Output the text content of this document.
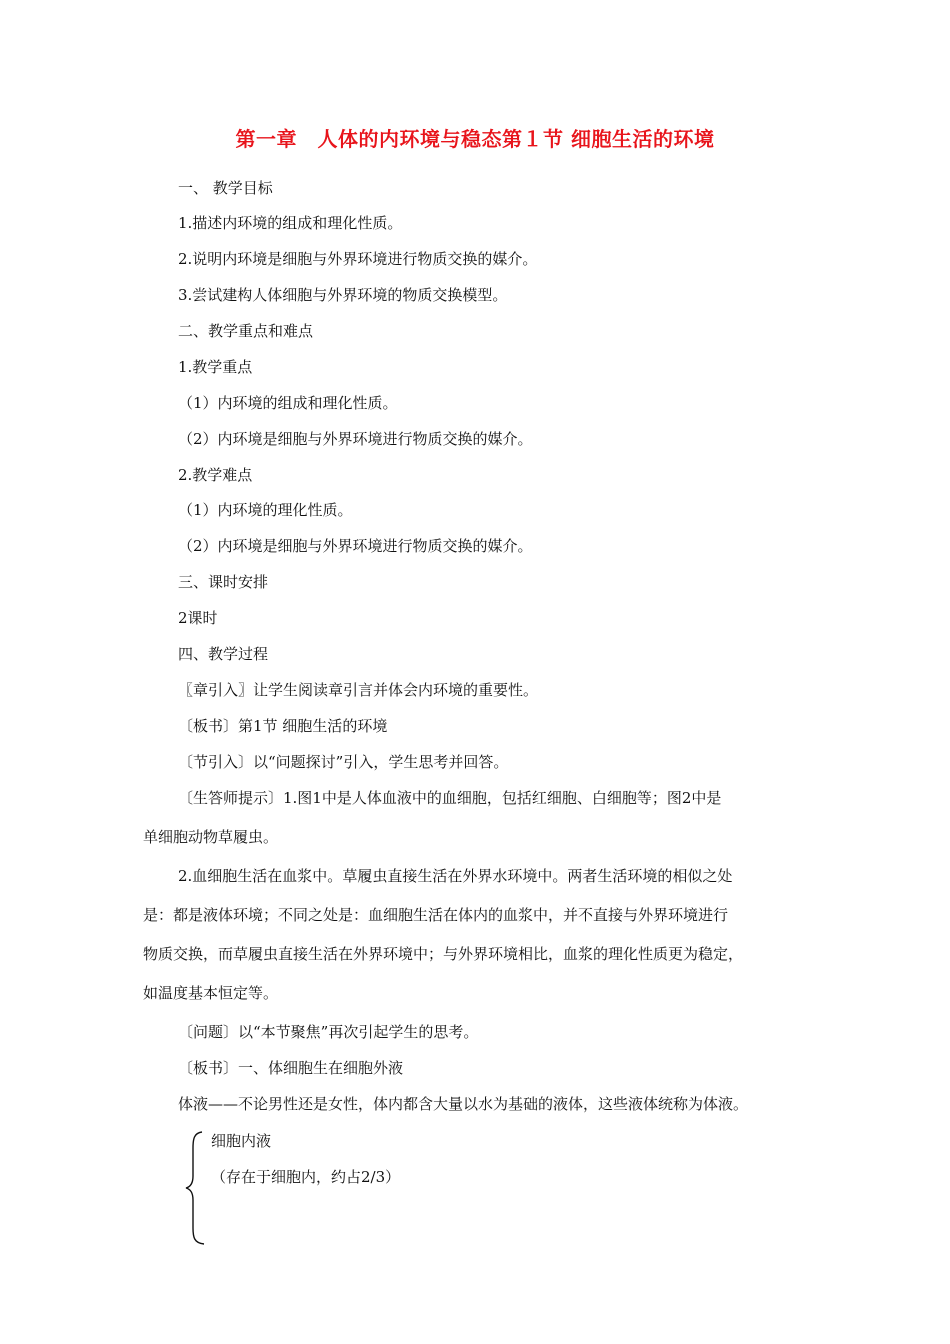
第一章　人体的内环境与稳态第１节 细胞生活的环境
一、 教学目标
1.描述内环境的组成和理化性质。
2.说明内环境是细胞与外界环境进行物质交换的媒介。
3.尝试建构人体细胞与外界环境的物质交换模型。
二、教学重点和难点
1.教学重点
（1）内环境的组成和理化性质。
（2）内环境是细胞与外界环境进行物质交换的媒介。
2.教学难点
（1）内环境的理化性质。
（2）内环境是细胞与外界环境进行物质交换的媒介。
三、课时安排
2课时
四、教学过程
〖章引入〗让学生阅读章引言并体会内环境的重要性。
〔板书〕第1节 细胞生活的环境
〔节引入〕以“问题探讨”引入，学生思考并回答。
〔生答师提示〕1.图1中是人体血液中的血细胞，包括红细胞、白细胞等；图2中是
单细胞动物草履虫。
2.血细胞生活在血浆中。草履虫直接生活在外界水环境中。两者生活环境的相似之处
是：都是液体环境；不同之处是：血细胞生活在体内的血浆中，并不直接与外界环境进行
物质交换，而草履虫直接生活在外界环境中；与外界环境相比，血浆的理化性质更为稳定，
如温度基本恒定等。
〔问题〕以“本节聚焦”再次引起学生的思考。
〔板书〕一、体细胞生在细胞外液
体液——不论男性还是女性，体内都含大量以水为基础的液体，这些液体统称为体液。
细胞内液
（存在于细胞内，约占2/3）
